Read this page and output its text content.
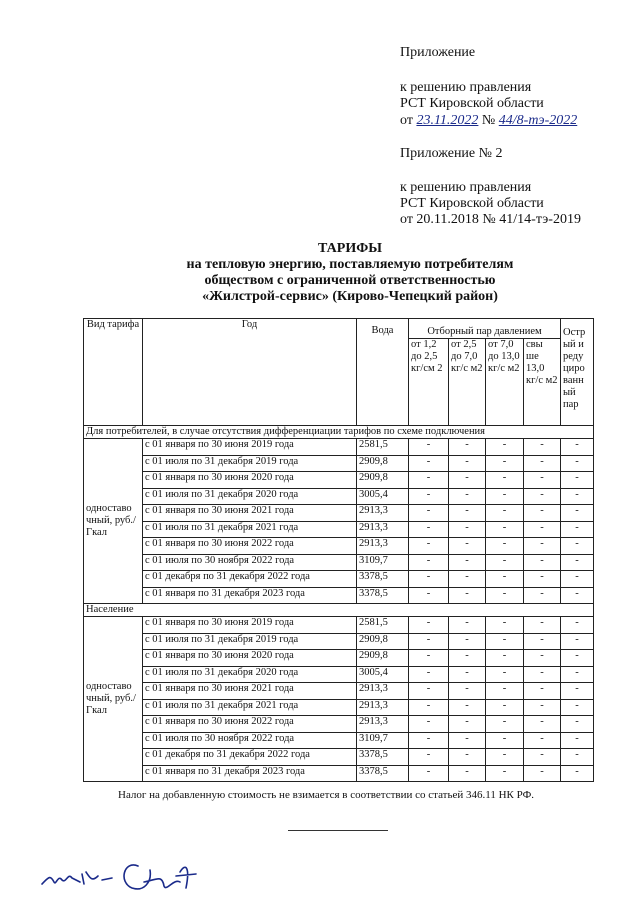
Приложение
к решению правления
РСТ Кировской области
от 23.11.2022 № 44/8-тэ-2022
Приложение № 2
к решению правления
РСТ Кировской области
от 20.11.2018 № 41/14-тэ-2019
ТАРИФЫ
на тепловую энергию, поставляемую потребителям
обществом с ограниченной ответственностью
«Жилстрой-сервис» (Кирово-Чепецкий район)
Вид тарифа	Год	Вода	Отборный пар давлением				Остр ый и реду циро ванн ый пар
			от 1,2 до 2,5 кг/см 2	от 2,5 до 7,0 кг/с м2	от 7,0 до 13,0 кг/с м2	свы ше 13,0 кг/с м2	
Для потребителей, в случае отсутствия дифференциации тарифов по схеме подключения							
одноставо чный, руб./Гкал	с 01 января по 30 июня 2019 года	2581,5	-	-	-	-	-
	с 01 июля по 31 декабря 2019 года	2909,8	-	-	-	-	-
	с 01 января по 30 июня 2020 года	2909,8	-	-	-	-	-
	с 01 июля по 31 декабря 2020 года	3005,4	-	-	-	-	-
	с 01 января по 30 июня 2021 года	2913,3	-	-	-	-	-
	с 01 июля по 31 декабря 2021 года	2913,3	-	-	-	-	-
	с 01 января по 30 июня 2022 года	2913,3	-	-	-	-	-
	с 01 июля по 30 ноября 2022 года	3109,7	-	-	-	-	-
	с 01 декабря по 31 декабря 2022 года	3378,5	-	-	-	-	-
	с 01 января по 31 декабря 2023 года	3378,5	-	-	-	-	-
Население							
одноставо чный, руб./Гкал	с 01 января по 30 июня 2019 года	2581,5	-	-	-	-	-
	с 01 июля по 31 декабря 2019 года	2909,8	-	-	-	-	-
	с 01 января по 30 июня 2020 года	2909,8	-	-	-	-	-
	с 01 июля по 31 декабря 2020 года	3005,4	-	-	-	-	-
	с 01 января по 30 июня 2021 года	2913,3	-	-	-	-	-
	с 01 июля по 31 декабря 2021 года	2913,3	-	-	-	-	-
	с 01 января по 30 июня 2022 года	2913,3	-	-	-	-	-
	с 01 июля по 30 ноября 2022 года	3109,7	-	-	-	-	-
	с 01 декабря по 31 декабря 2022 года	3378,5	-	-	-	-	-
	с 01 января по 31 декабря 2023 года	3378,5	-	-	-	-	-
Налог на добавленную стоимость не взимается в соответствии со статьей 346.11 НК РФ.
